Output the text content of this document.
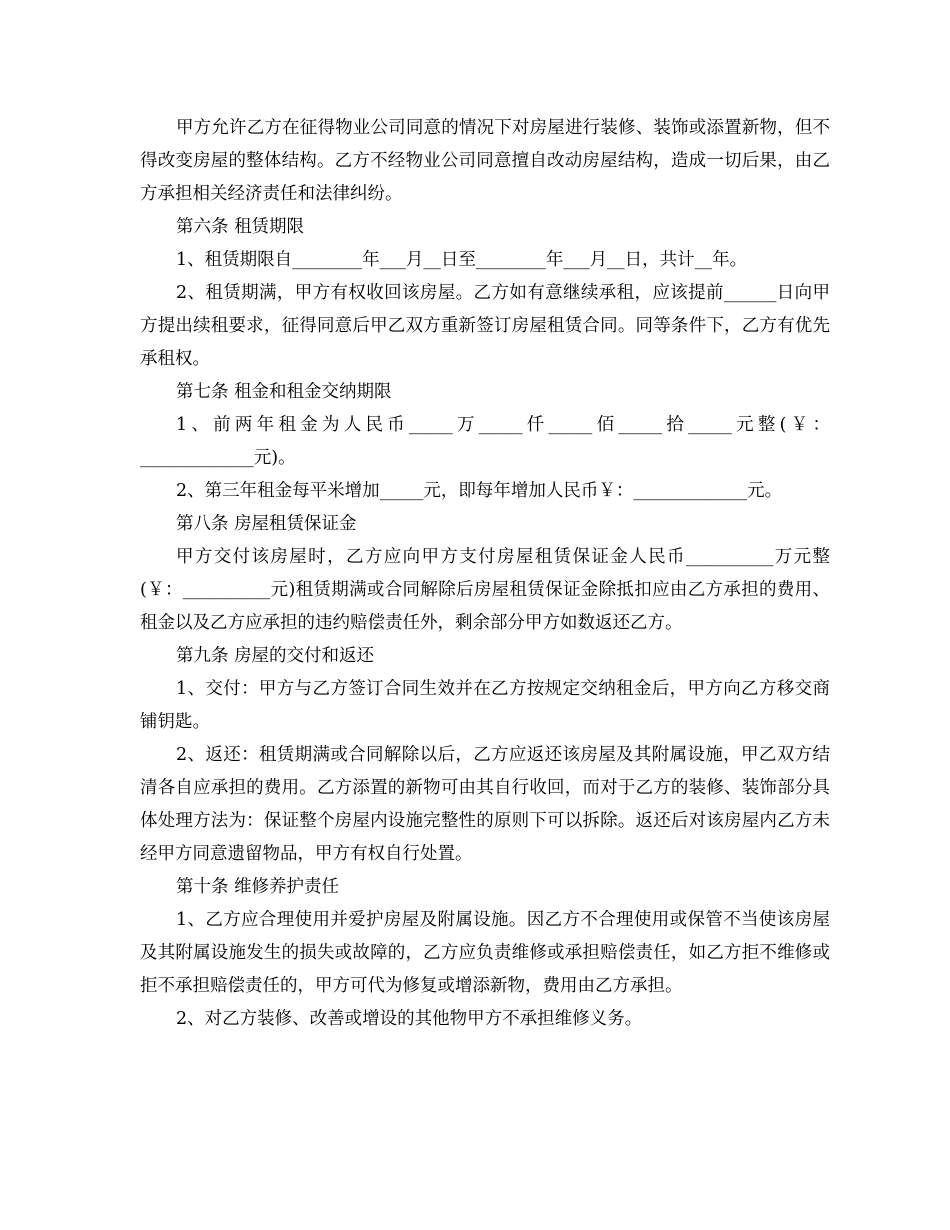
甲方允许乙方在征得物业公司同意的情况下对房屋进行装修、装饰或添置新物，但不得改变房屋的整体结构。乙方不经物业公司同意擅自改动房屋结构，造成一切后果，由乙方承担相关经济责任和法律纠纷。

第六条 租赁期限

1、租赁期限自________年___月__日至________年___月__日，共计__年。

2、租赁期满，甲方有权收回该房屋。乙方如有意继续承租，应该提前______日向甲方提出续租要求，征得同意后甲乙双方重新签订房屋租赁合同。同等条件下，乙方有优先承租权。

第七条 租金和租金交纳期限

1、前两年租金为人民币_____万_____仟_____佰_____拾_____元整(￥：_____________元)。

2、第三年租金每平米增加_____元，即每年增加人民币￥：_____________元。

第八条 房屋租赁保证金

甲方交付该房屋时，乙方应向甲方支付房屋租赁保证金人民币__________万元整(￥：__________元)租赁期满或合同解除后房屋租赁保证金除抵扣应由乙方承担的费用、租金以及乙方应承担的违约赔偿责任外，剩余部分甲方如数返还乙方。

第九条 房屋的交付和返还

1、交付：甲方与乙方签订合同生效并在乙方按规定交纳租金后，甲方向乙方移交商铺钥匙。

2、返还：租赁期满或合同解除以后，乙方应返还该房屋及其附属设施，甲乙双方结清各自应承担的费用。乙方添置的新物可由其自行收回，而对于乙方的装修、装饰部分具体处理方法为：保证整个房屋内设施完整性的原则下可以拆除。返还后对该房屋内乙方未经甲方同意遗留物品，甲方有权自行处置。

第十条 维修养护责任

1、乙方应合理使用并爱护房屋及附属设施。因乙方不合理使用或保管不当使该房屋及其附属设施发生的损失或故障的，乙方应负责维修或承担赔偿责任，如乙方拒不维修或拒不承担赔偿责任的，甲方可代为修复或增添新物，费用由乙方承担。

2、对乙方装修、改善或增设的其他物甲方不承担维修义务。
